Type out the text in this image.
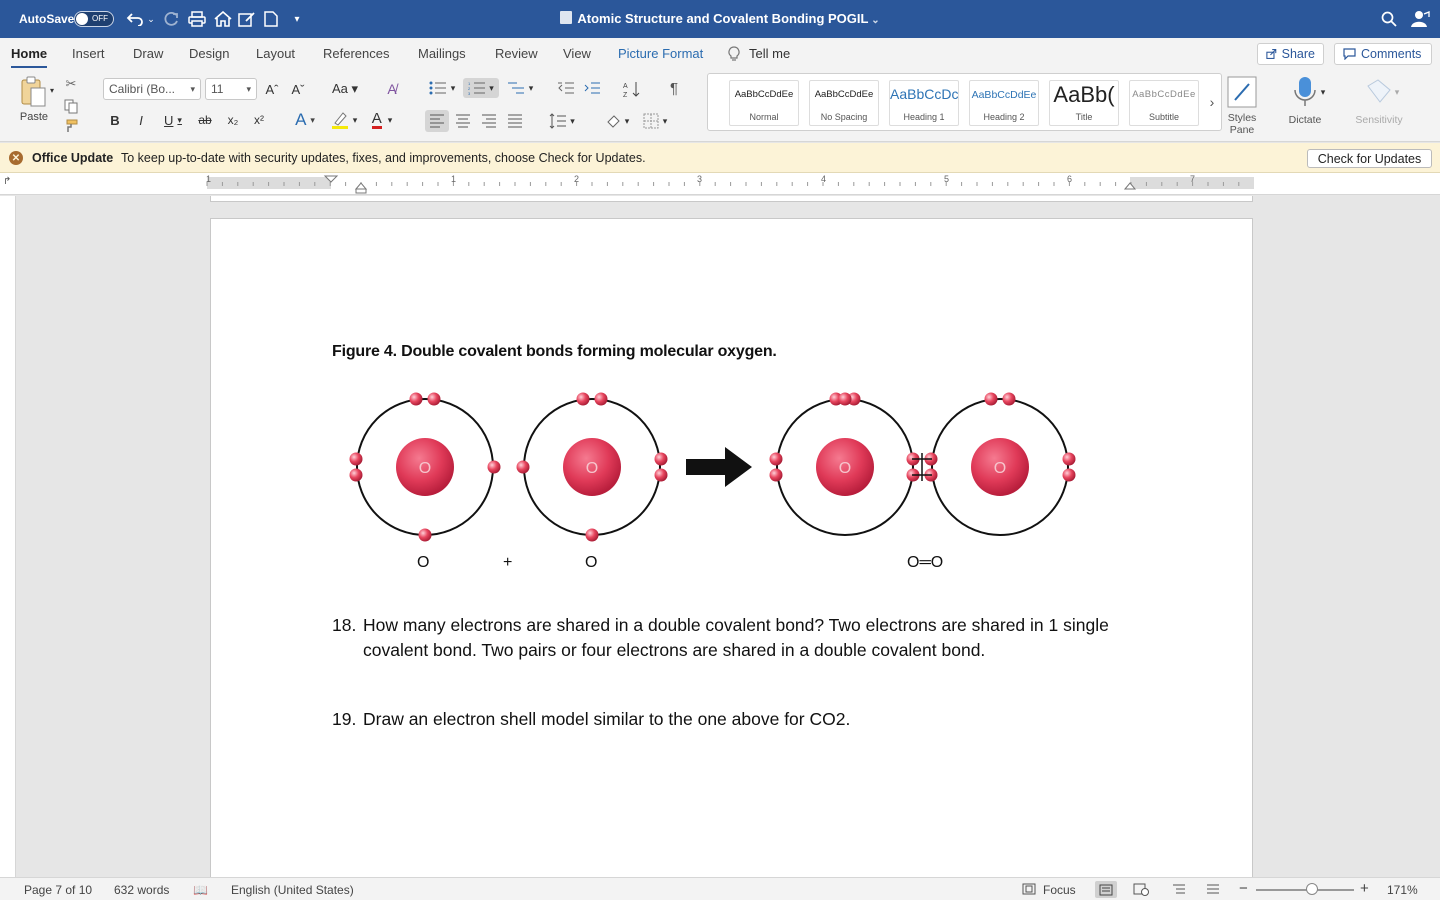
AutoSave OFF	⌄	▾	Atomic Structure and Covalent Bonding POGIL ⌄
Home Insert Draw Design Layout References Mailings Review View Picture Format	Tell me	Share	Comments
▾
Paste
✂	Calibri (Bo... ▾ 11	▾ Aˆ Aˇ Aa ▾	A̸
B	I	U ▾ ab	x₂	x²	A ▾	▾ A ▾
▾	1
2
3
▾	▾	A
Z	¶
▾	▾	▾
AaBbCcDdEe
Normal
AaBbCcDdEe
No Spacing
AaBbCcDc
Heading 1
AaBbCcDdEe
Heading 2
AaBb(
Title
AaBbCcDdEe
Subtitle
›
Styles
Pane
Dictate
▾
Sensitivity
▾
✕ Office Update To keep up-to-date with security updates, fixes, and improvements, choose Check for Updates.	Check for Updates
↱	1	1	2	3	4	5	6	7
Figure 4. Double covalent bonds forming molecular oxygen.
O	O	O	O
O	+	O	O═O
18. How many electrons are shared in a double covalent bond? Two electrons are shared in 1 single covalent bond. Two pairs or four electrons are shared in a double covalent bond.
19. Draw an electron shell model similar to the one above for CO2.
Page 7 of 10 632 words 📖 English (United States)	Focus	−	+ 171%
